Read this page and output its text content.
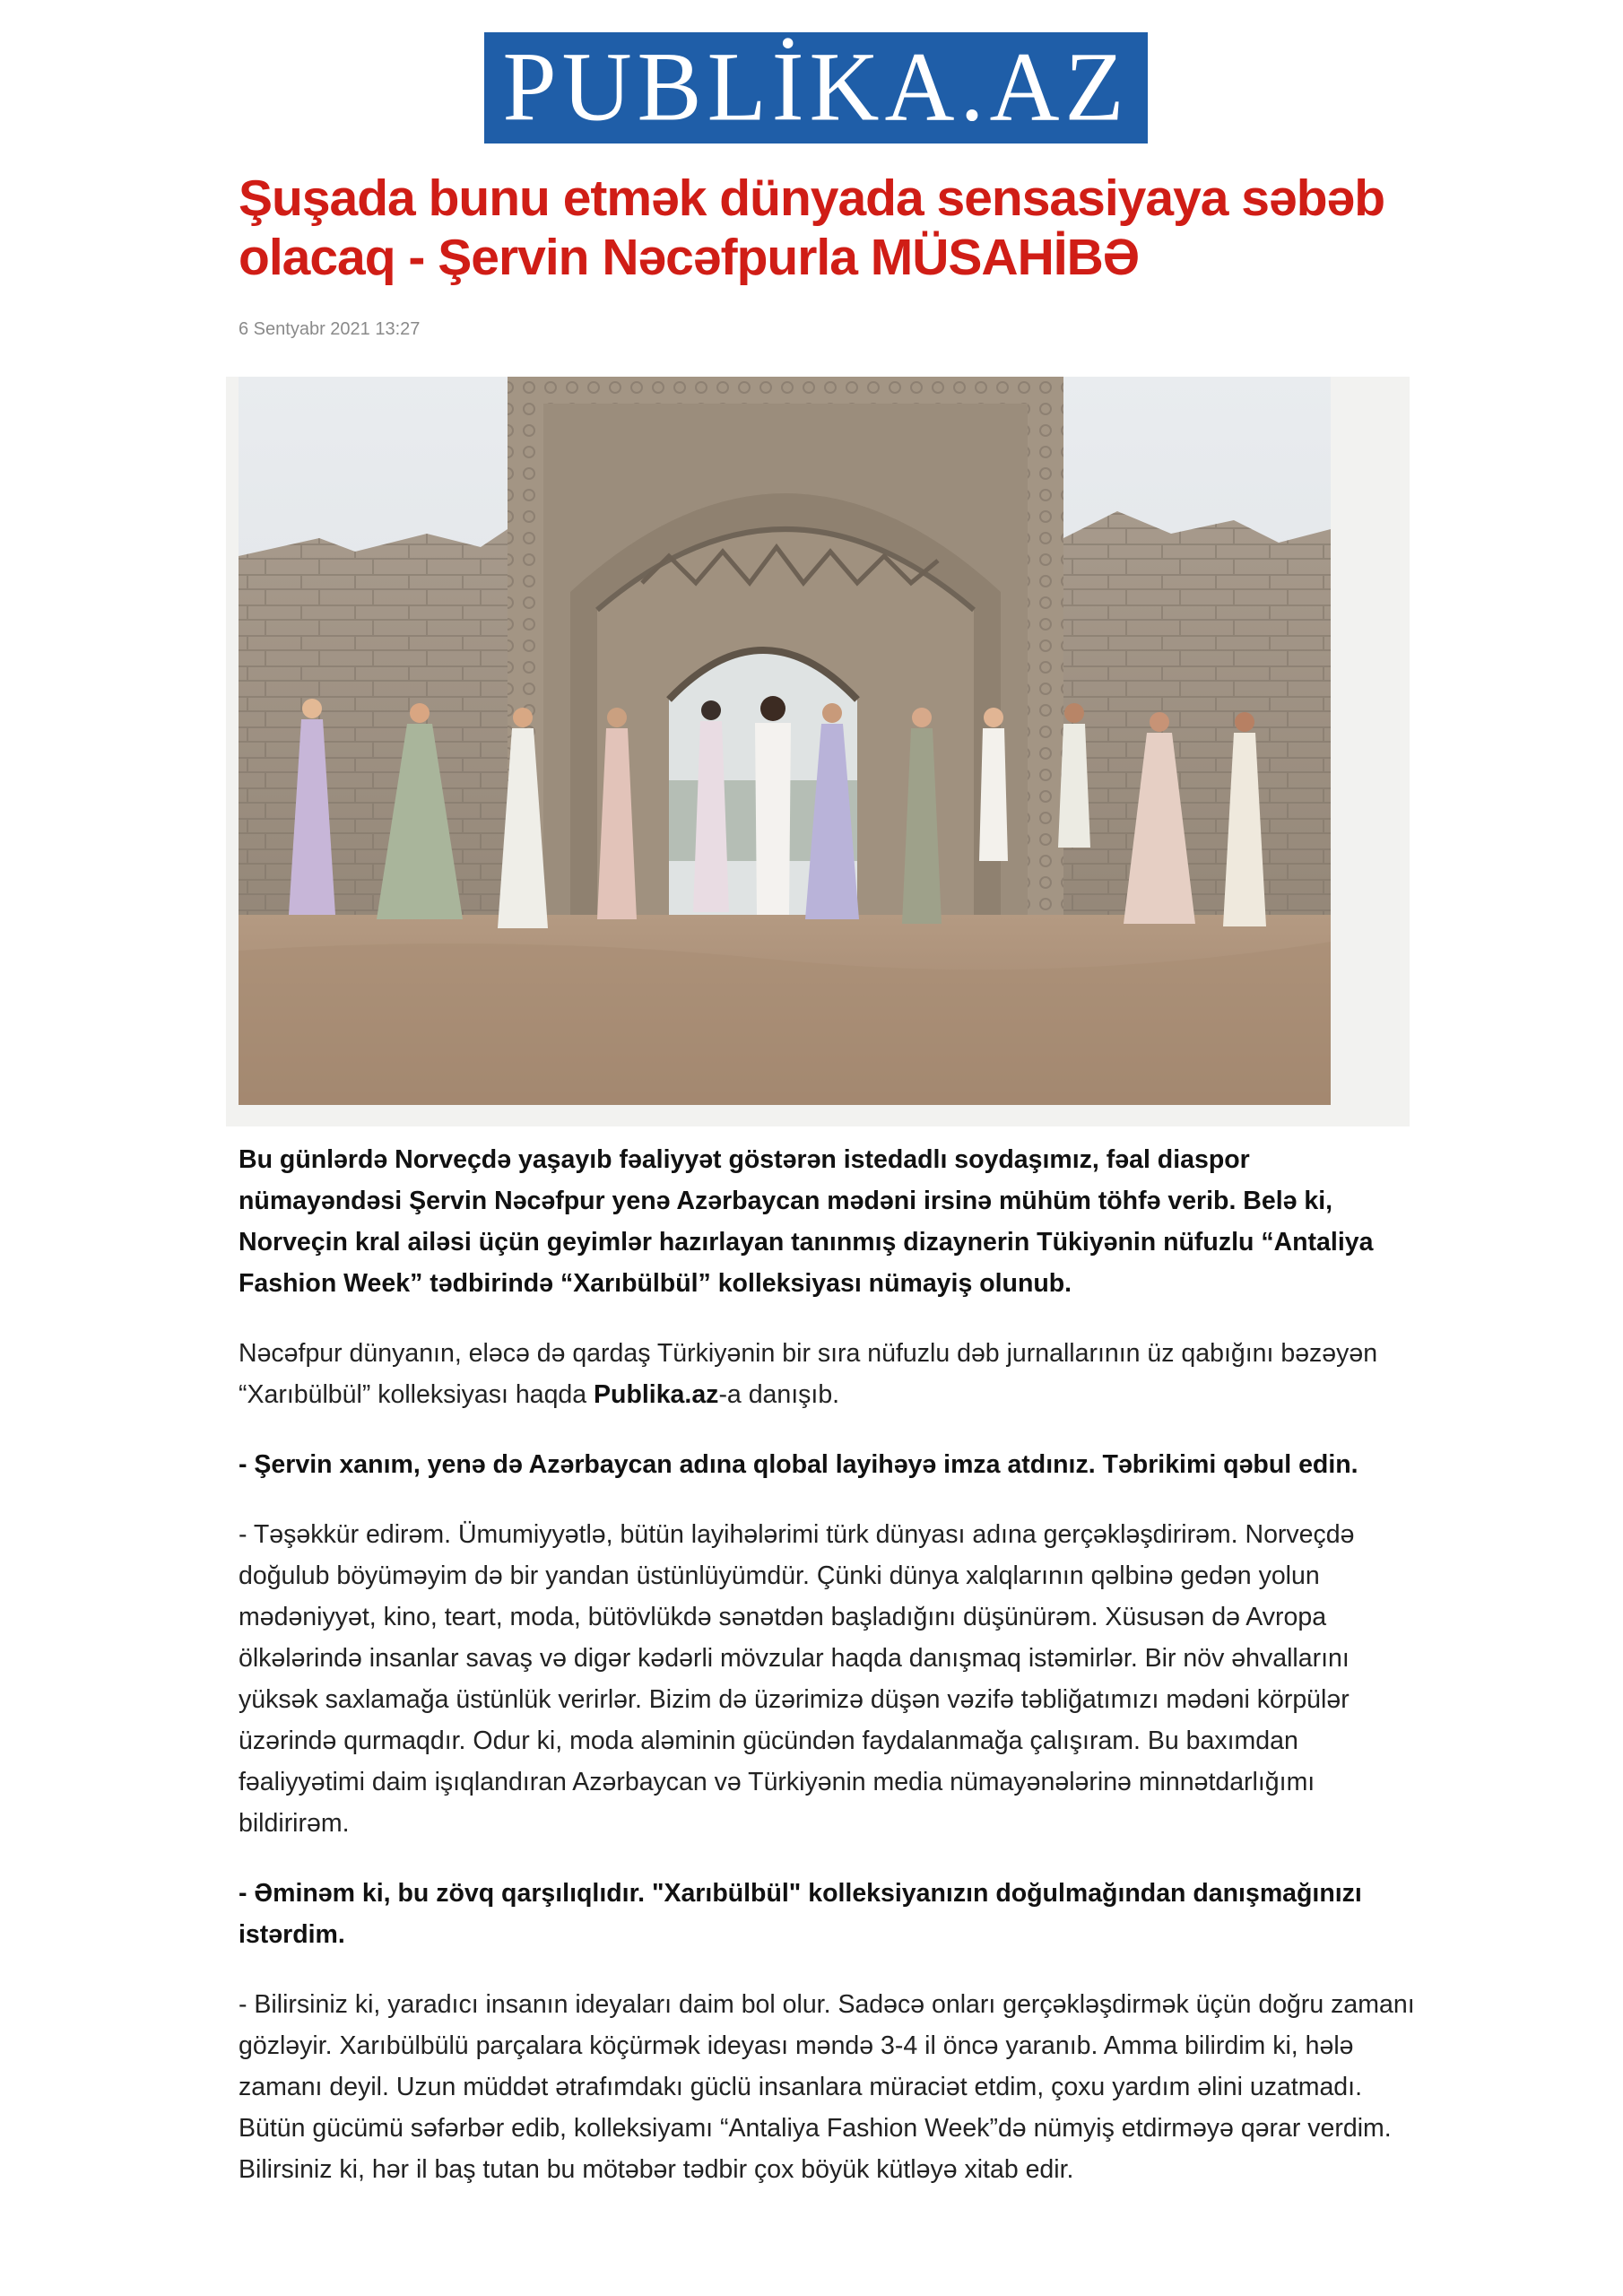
PUBLİKA.AZ
Şuşada bunu etmək dünyada sensasiyaya səbəb olacaq - Şervin Nəcəfpurla MÜSAHİBƏ
6 Sentyabr 2021 13:27

Bu günlərdə Norveçdə yaşayıb fəaliyyət göstərən istedadlı soydaşımız, fəal diaspor nümayəndəsi Şervin Nəcəfpur yenə Azərbaycan mədəni irsinə mühüm töhfə verib. Belə ki, Norveçin kral ailəsi üçün geyimlər hazırlayan tanınmış dizaynerin Tükiyənin nüfuzlu “Antaliya Fashion Week” tədbirində “Xarıbülbül” kolleksiyası nümayiş olunub.

Nəcəfpur dünyanın, eləcə də qardaş Türkiyənin bir sıra nüfuzlu dəb jurnallarının üz qabığını bəzəyən “Xarıbülbül” kolleksiyası haqda Publika.az-a danışıb.

- Şervin xanım, yenə də Azərbaycan adına qlobal layihəyə imza atdınız. Təbrikimi qəbul edin.

- Təşəkkür edirəm. Ümumiyyətlə, bütün layihələrimi türk dünyası adına gerçəkləşdirirəm. Norveçdə doğulub böyüməyim də bir yandan üstünlüyümdür. Çünki dünya xalqlarının qəlbinə gedən yolun mədəniyyət, kino, teart, moda, bütövlükdə sənətdən başladığını düşünürəm. Xüsusən də Avropa ölkələrində insanlar savaş və digər kədərli mövzular haqda danışmaq istəmirlər. Bir növ əhvallarını yüksək saxlamağa üstünlük verirlər. Bizim də üzərimizə düşən vəzifə təbliğatımızı mədəni körpülər üzərində qurmaqdır. Odur ki, moda aləminin gücündən faydalanmağa çalışıram. Bu baxımdan fəaliyyətimi daim işıqlandıran Azərbaycan və Türkiyənin media nümayənələrinə minnətdarlığımı bildirirəm.

- Əminəm ki, bu zövq qarşılıqlıdır. "Xarıbülbül" kolleksiyanızın doğulmağından danışmağınızı istərdim.

- Bilirsiniz ki, yaradıcı insanın ideyaları daim bol olur. Sadəcə onları gerçəkləşdirmək üçün doğru zamanı gözləyir. Xarıbülbülü parçalara köçürmək ideyası məndə 3-4 il öncə yaranıb. Amma bilirdim ki, hələ zamanı deyil. Uzun müddət ətrafımdakı güclü insanlara müraciət etdim, çoxu yardım əlini uzatmadı. Bütün gücümü səfərbər edib, kolleksiyamı “Antaliya Fashion Week”də nümyiş etdirməyə qərar verdim. Bilirsiniz ki, hər il baş tutan bu mötəbər tədbir çox böyük kütləyə xitab edir.
